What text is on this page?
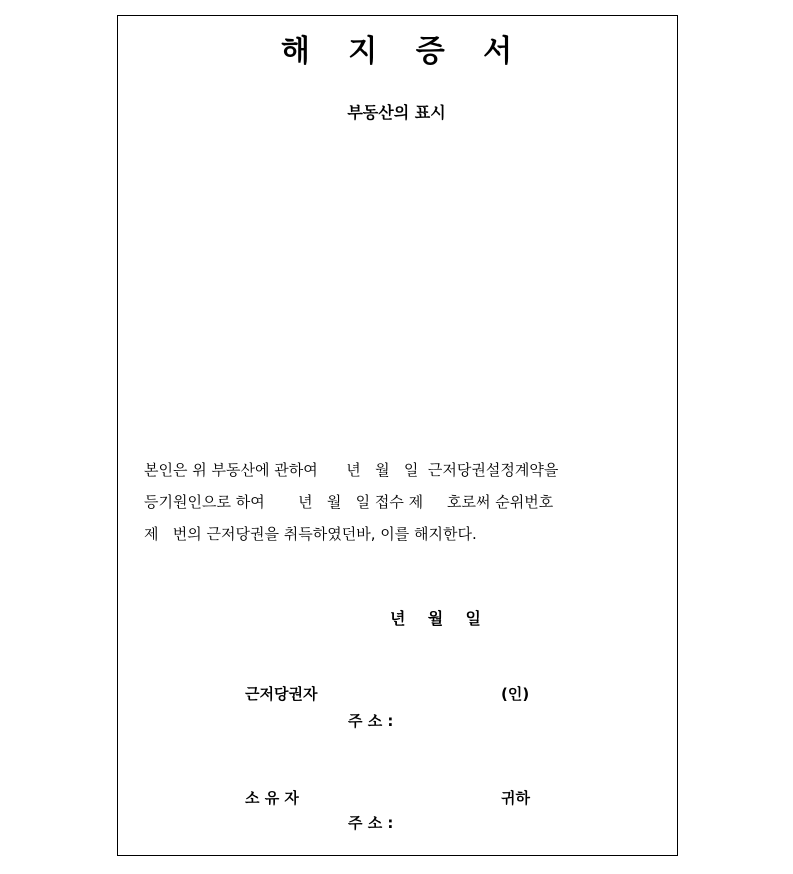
해 지 증 서
부동산의 표시
본인은 위 부동산에 관하여      년   월   일  근저당권설정계약을
등기원인으로 하여       년   월   일 접수 제     호로써 순위번호
제   번의 근저당권을 취득하였던바, 이를 해지한다.
년    월    일
근저당권자	(인)
주 소 :
소 유 자	귀하
주 소 :
